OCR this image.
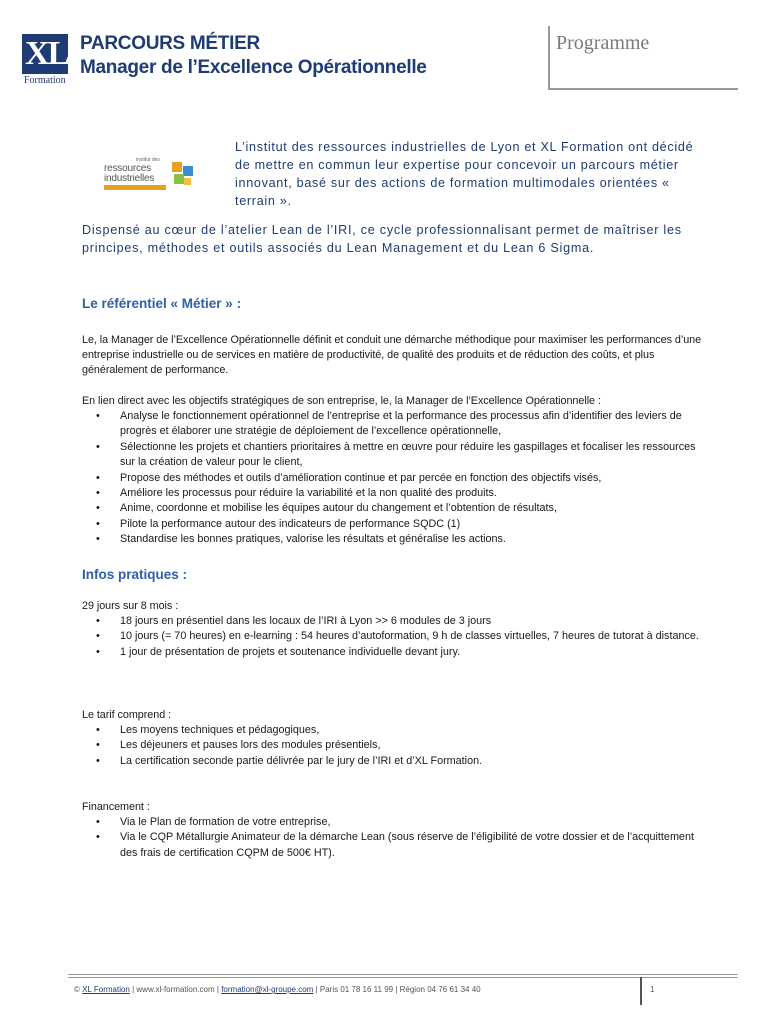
XL
Formation
PARCOURS MÉTIER
Manager de l’Excellence Opérationnelle
Programme
institut des
ressources
industrielles
L’institut des ressources industrielles de Lyon et XL Formation ont décidé de mettre en commun leur expertise pour concevoir un parcours métier innovant, basé sur des actions de formation multimodales orientées « terrain ».
Dispensé au cœur de l’atelier Lean de l’IRI, ce cycle professionnalisant permet de maîtriser les principes, méthodes et outils associés du Lean Management et du Lean 6 Sigma.
Le référentiel « Métier » :
Le, la Manager de l’Excellence Opérationnelle définit et conduit une démarche méthodique pour maximiser les performances d’une entreprise industrielle ou de services en matière de productivité, de qualité des produits et de réduction des coûts, et plus généralement de performance.
En lien direct avec les objectifs stratégiques de son entreprise, le, la Manager de l’Excellence Opérationnelle :
• Analyse le fonctionnement opérationnel de l’entreprise et la performance des processus afin d’identifier des leviers de progrès et élaborer une stratégie de déploiement de l’excellence opérationnelle,
• Sélectionne les projets et chantiers prioritaires à mettre en œuvre pour réduire les gaspillages et focaliser les ressources sur la création de valeur pour le client,
• Propose des méthodes et outils d’amélioration continue et par percée en fonction des objectifs visés,
• Améliore les processus pour réduire la variabilité et la non qualité des produits.
• Anime, coordonne et mobilise les équipes autour du changement et l’obtention de résultats,
• Pilote la performance autour des indicateurs de performance SQDC (1)
• Standardise les bonnes pratiques, valorise les résultats et généralise les actions.
Infos pratiques :
29 jours sur 8 mois :
• 18 jours en présentiel dans les locaux de l’IRI à Lyon >> 6 modules de 3 jours
• 10 jours (= 70 heures) en e-learning : 54 heures d’autoformation, 9 h de classes virtuelles, 7 heures de tutorat à distance.
• 1 jour de présentation de projets et soutenance individuelle devant jury.
Le tarif comprend :
• Les moyens techniques et pédagogiques,
• Les déjeuners et pauses lors des modules présentiels,
• La certification seconde partie délivrée par le jury de l’IRI et d’XL Formation.
Financement :
• Via le Plan de formation de votre entreprise,
• Via le CQP Métallurgie Animateur de la démarche Lean (sous réserve de l’éligibilité de votre dossier et de l’acquittement des frais de certification CQPM de 500€ HT).
© XL Formation | www.xl-formation.com | formation@xl-groupe.com | Paris 01 78 16 11 99 | Région 04 76 61 34 40	1
